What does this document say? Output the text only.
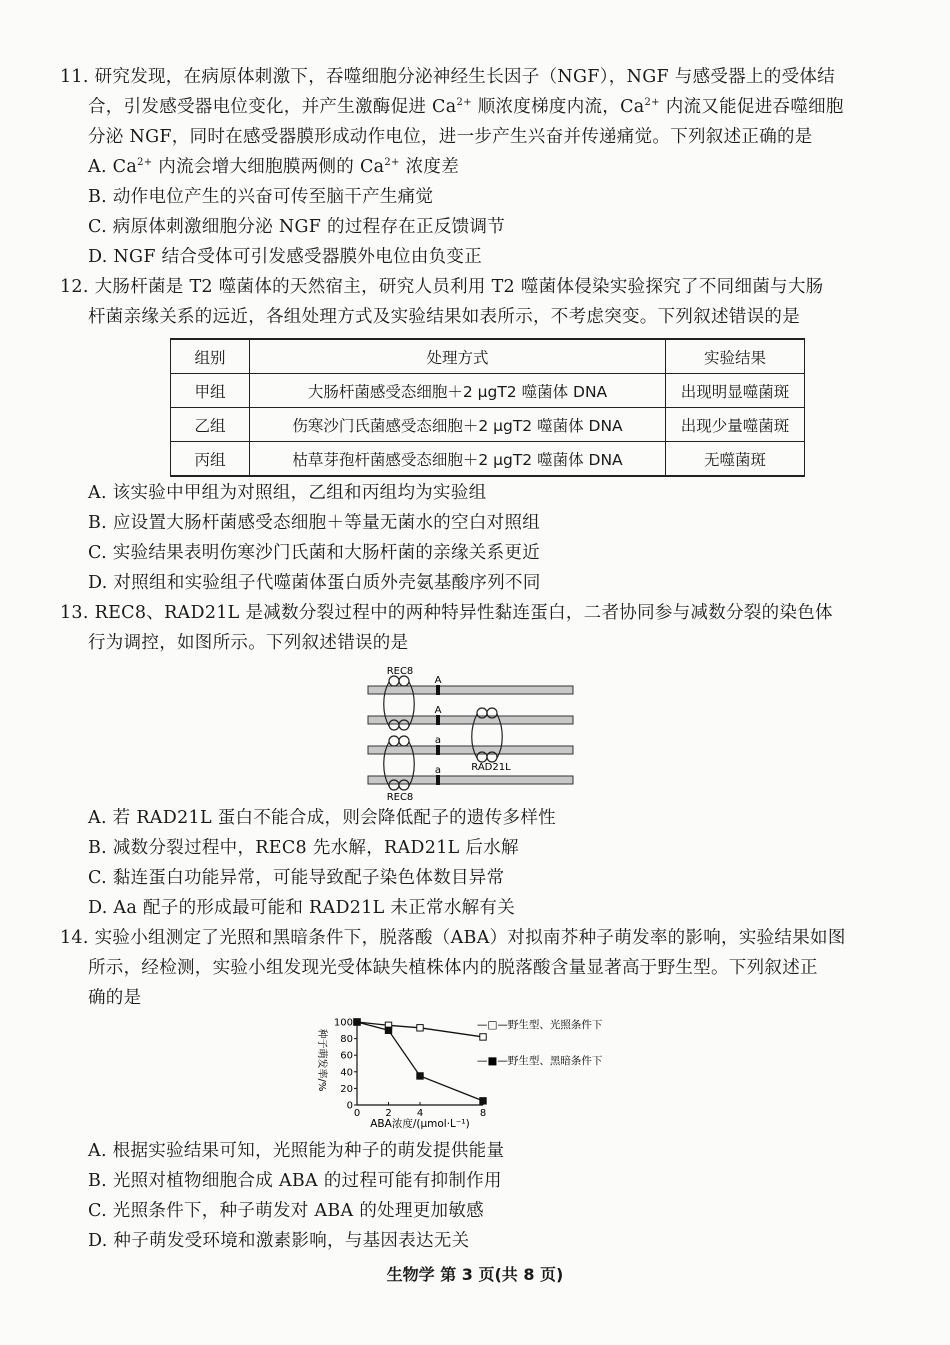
11. 研究发现，在病原体刺激下，吞噬细胞分泌神经生长因子（NGF），NGF 与感受器上的受体结
合，引发感受器电位变化，并产生激酶促进 $Ca^{2+}$ 顺浓度梯度内流，$Ca^{2+}$ 内流又能促进吞噬细胞
分泌 NGF，同时在感受器膜形成动作电位，进一步产生兴奋并传递痛觉。下列叙述正确的是
A. $Ca^{2+}$ 内流会增大细胞膜两侧的 $Ca^{2+}$ 浓度差
B. 动作电位产生的兴奋可传至脑干产生痛觉
C. 病原体刺激细胞分泌 NGF 的过程存在正反馈调节
D. NGF 结合受体可引发感受器膜外电位由负变正
12. 大肠杆菌是 T2 噬菌体的天然宿主，研究人员利用 T2 噬菌体侵染实验探究了不同细菌与大肠
杆菌亲缘关系的远近，各组处理方式及实验结果如表所示，不考虑突变。下列叙述错误的是
组别	处理方式	实验结果
甲组	大肠杆菌感受态细胞＋2 μgT2 噬菌体 DNA	出现明显噬菌斑
乙组	伤寒沙门氏菌感受态细胞＋2 μgT2 噬菌体 DNA	出现少量噬菌斑
丙组	枯草芽孢杆菌感受态细胞＋2 μgT2 噬菌体 DNA	无噬菌斑
A. 该实验中甲组为对照组，乙组和丙组均为实验组
B. 应设置大肠杆菌感受态细胞＋等量无菌水的空白对照组
C. 实验结果表明伤寒沙门氏菌和大肠杆菌的亲缘关系更近
D. 对照组和实验组子代噬菌体蛋白质外壳氨基酸序列不同
13. REC8、RAD21L 是减数分裂过程中的两种特异性黏连蛋白，二者协同参与减数分裂的染色体
行为调控，如图所示。下列叙述错误的是
A
A
a
a
REC8
REC8
RAD21L
A. 若 RAD21L 蛋白不能合成，则会降低配子的遗传多样性
B. 减数分裂过程中，REC8 先水解，RAD21L 后水解
C. 黏连蛋白功能异常，可能导致配子染色体数目异常
D. Aa 配子的形成最可能和 RAD21L 未正常水解有关
14. 实验小组测定了光照和黑暗条件下，脱落酸（ABA）对拟南芥种子萌发率的影响，实验结果如图
所示，经检测，实验小组发现光受体缺失植株体内的脱落酸含量显著高于野生型。下列叙述正
确的是
0
20
40
60
80
100
0	2	4	8
—□—野生型、光照条件下
—■—野生型、黑暗条件下
种子萌发率/%
ABA浓度/(μmol·L⁻¹)
A. 根据实验结果可知，光照能为种子的萌发提供能量
B. 光照对植物细胞合成 ABA 的过程可能有抑制作用
C. 光照条件下，种子萌发对 ABA 的处理更加敏感
D. 种子萌发受环境和激素影响，与基因表达无关
生物学 第 3 页(共 8 页)
